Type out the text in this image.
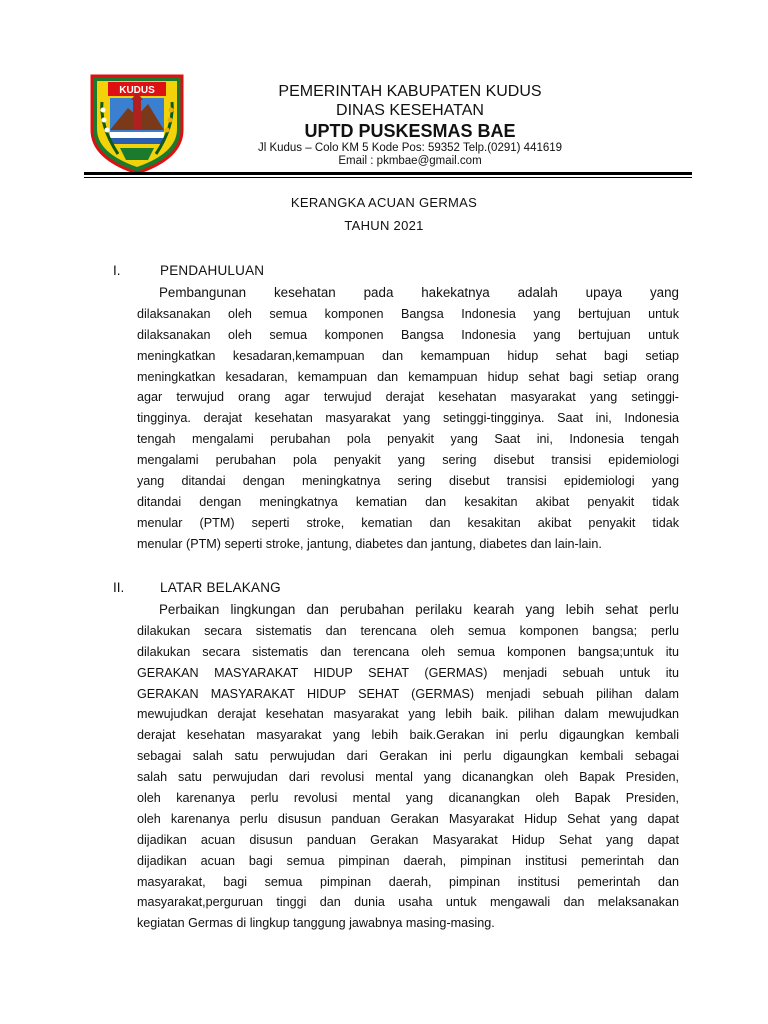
KUDUS	PEMERINTAH KABUPATEN KUDUS
DINAS KESEHATAN
UPTD PUSKESMAS BAE
Jl Kudus – Colo KM 5 Kode Pos: 59352 Telp.(0291) 441619
Email : pkmbae@gmail.com
KERANGKA ACUAN GERMAS
TAHUN 2021
I.	PENDAHULUAN
Pembangunan kesehatan pada hakekatnya adalah upaya yang
dilaksanakan oleh semua komponen Bangsa Indonesia yang bertujuan untuk
dilaksanakan oleh semua komponen Bangsa Indonesia yang bertujuan untuk
meningkatkan kesadaran,kemampuan dan kemampuan hidup sehat bagi setiap
meningkatkan kesadaran, kemampuan dan kemampuan hidup sehat bagi setiap orang
agar terwujud orang agar terwujud derajat kesehatan masyarakat yang setinggi-
tingginya. derajat kesehatan masyarakat yang setinggi-tingginya. Saat ini, Indonesia
tengah mengalami perubahan pola penyakit yang Saat ini, Indonesia tengah
mengalami perubahan pola penyakit yang sering disebut transisi epidemiologi
yang ditandai dengan meningkatnya sering disebut transisi epidemiologi yang
ditandai dengan meningkatnya kematian dan kesakitan akibat penyakit tidak
menular (PTM) seperti stroke, kematian dan kesakitan akibat penyakit tidak
menular (PTM) seperti stroke, jantung, diabetes dan jantung, diabetes dan lain-lain.
II.	LATAR BELAKANG
Perbaikan lingkungan dan perubahan perilaku kearah yang lebih sehat perlu
dilakukan secara sistematis dan terencana oleh semua komponen bangsa; perlu
dilakukan secara sistematis dan terencana oleh semua komponen bangsa;untuk itu
GERAKAN MASYARAKAT HIDUP SEHAT (GERMAS) menjadi sebuah untuk itu
GERAKAN MASYARAKAT HIDUP SEHAT (GERMAS) menjadi sebuah pilihan dalam
mewujudkan derajat kesehatan masyarakat yang lebih baik. pilihan dalam mewujudkan
derajat kesehatan masyarakat yang lebih baik.Gerakan ini perlu digaungkan kembali
sebagai salah satu perwujudan dari Gerakan ini perlu digaungkan kembali sebagai
salah satu perwujudan dari revolusi mental yang dicanangkan oleh Bapak Presiden,
oleh karenanya perlu revolusi mental yang dicanangkan oleh Bapak Presiden,
oleh karenanya perlu disusun panduan Gerakan Masyarakat Hidup Sehat yang dapat
dijadikan acuan disusun panduan Gerakan Masyarakat Hidup Sehat yang dapat
dijadikan acuan bagi semua pimpinan daerah, pimpinan institusi pemerintah dan
masyarakat, bagi semua pimpinan daerah, pimpinan institusi pemerintah dan
masyarakat,perguruan tinggi dan dunia usaha untuk mengawali dan melaksanakan
kegiatan Germas di lingkup tanggung jawabnya masing-masing.
